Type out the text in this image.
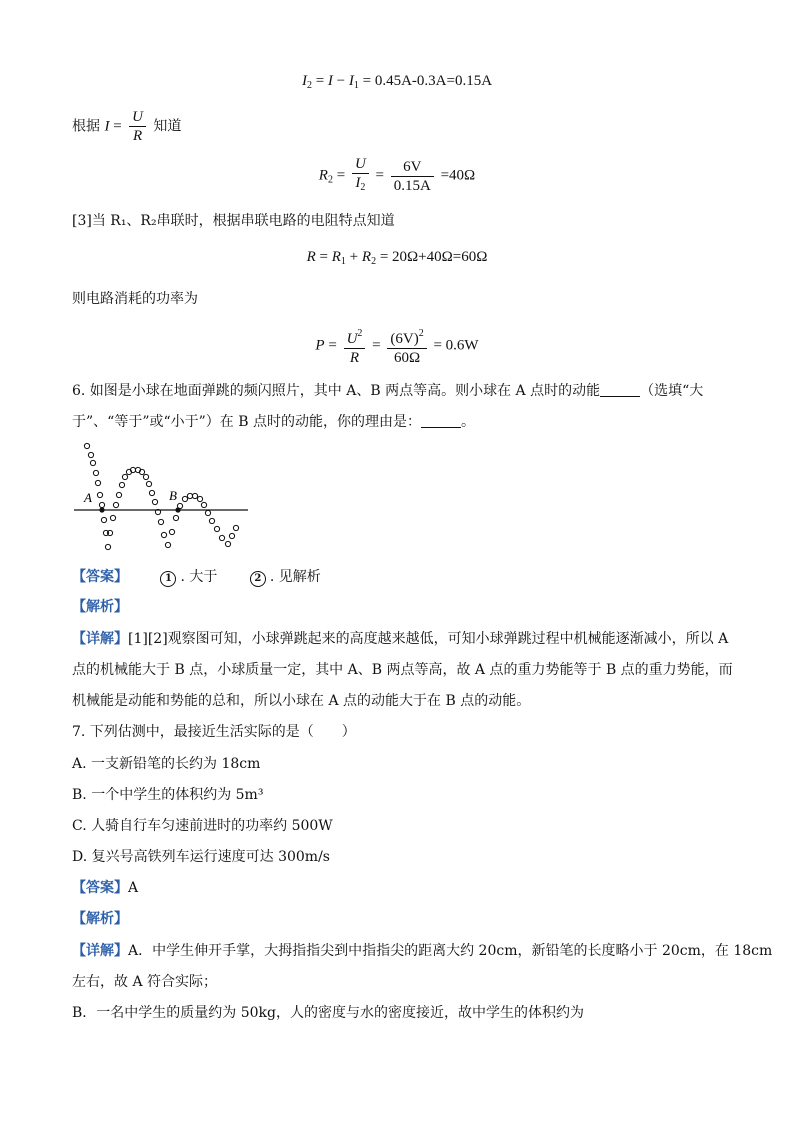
$I_2 = I - I_1 = 0.45A-0.3A=0.15A$
根据 $I = \frac{U}{R}$ 知道
$R_2 = \frac{U}{I_2} = \frac{6V}{0.15A} =40\Omega$
[3]当 R₁、R₂串联时，根据串联电路的电阻特点知道
$R = R_1 + R_2 = 20\Omega+40\Omega=60\Omega$
则电路消耗的功率为
$P = \frac{U^2}{R} = \frac{(6V)^2}{60\Omega} = 0.6W$
6. 如图是小球在地面弹跳的频闪照片，其中 A、B 两点等高。则小球在 A 点时的动能	（选填“大
于”、“等于”或“小于”）在 B 点时的动能，你的理由是：	。
A	B
【答案】	1 . 大于	2 . 见解析
【解析】
【详解】[1][2]观察图可知，小球弹跳起来的高度越来越低，可知小球弹跳过程中机械能逐渐减小，所以 A
点的机械能大于 B 点，小球质量一定，其中 A、B 两点等高，故 A 点的重力势能等于 B 点的重力势能，而
机械能是动能和势能的总和，所以小球在 A 点的动能大于在 B 点的动能。
7. 下列估测中，最接近生活实际的是（　　）
A. 一支新铅笔的长约为 18cm
B. 一个中学生的体积约为 5m³
C. 人骑自行车匀速前进时的功率约 500W
D. 复兴号高铁列车运行速度可达 300m/s
【答案】A
【解析】
【详解】A．中学生伸开手掌，大拇指指尖到中指指尖的距离大约 20cm，新铅笔的长度略小于 20cm，在 18cm
左右，故 A 符合实际；
B．一名中学生的质量约为 50kg，人的密度与水的密度接近，故中学生的体积约为
